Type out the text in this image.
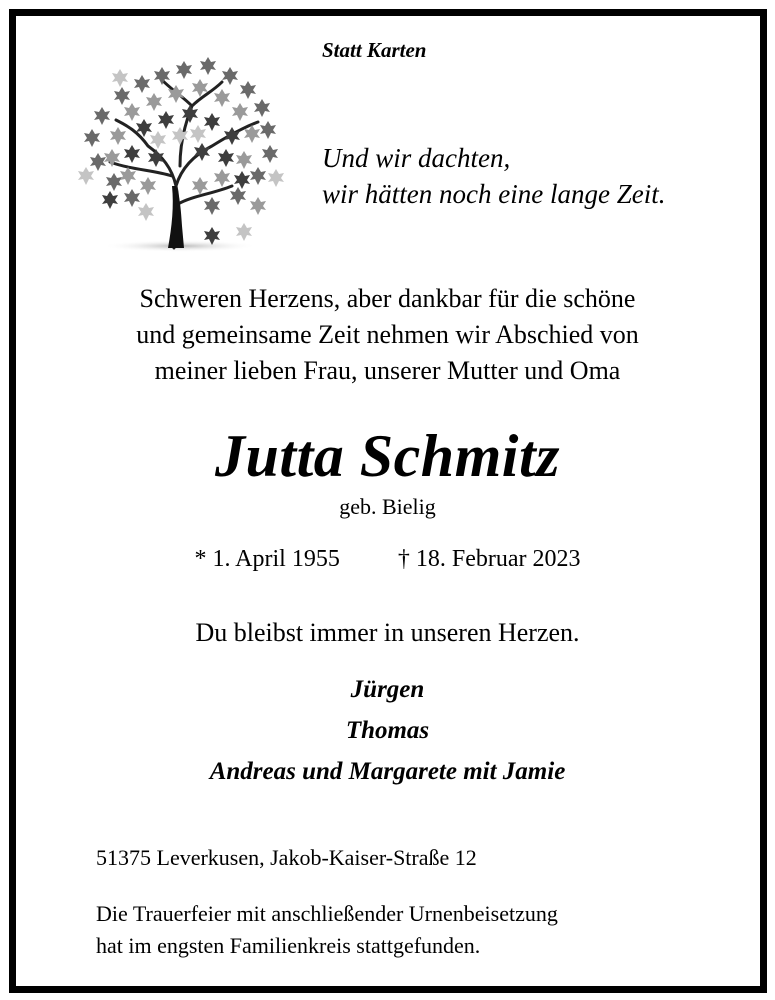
Statt Karten
Und wir dachten,
wir hätten noch eine lange Zeit.
Schweren Herzens, aber dankbar für die schöne
und gemeinsame Zeit nehmen wir Abschied von
meiner lieben Frau, unserer Mutter und Oma
Jutta Schmitz
geb. Bielig
* 1. April 1955 † 18. Februar 2023
Du bleibst immer in unseren Herzen.
Jürgen
Thomas
Andreas und Margarete mit Jamie
51375 Leverkusen, Jakob-Kaiser-Straße 12
Die Trauerfeier mit anschließender Urnenbeisetzung
hat im engsten Familienkreis stattgefunden.
